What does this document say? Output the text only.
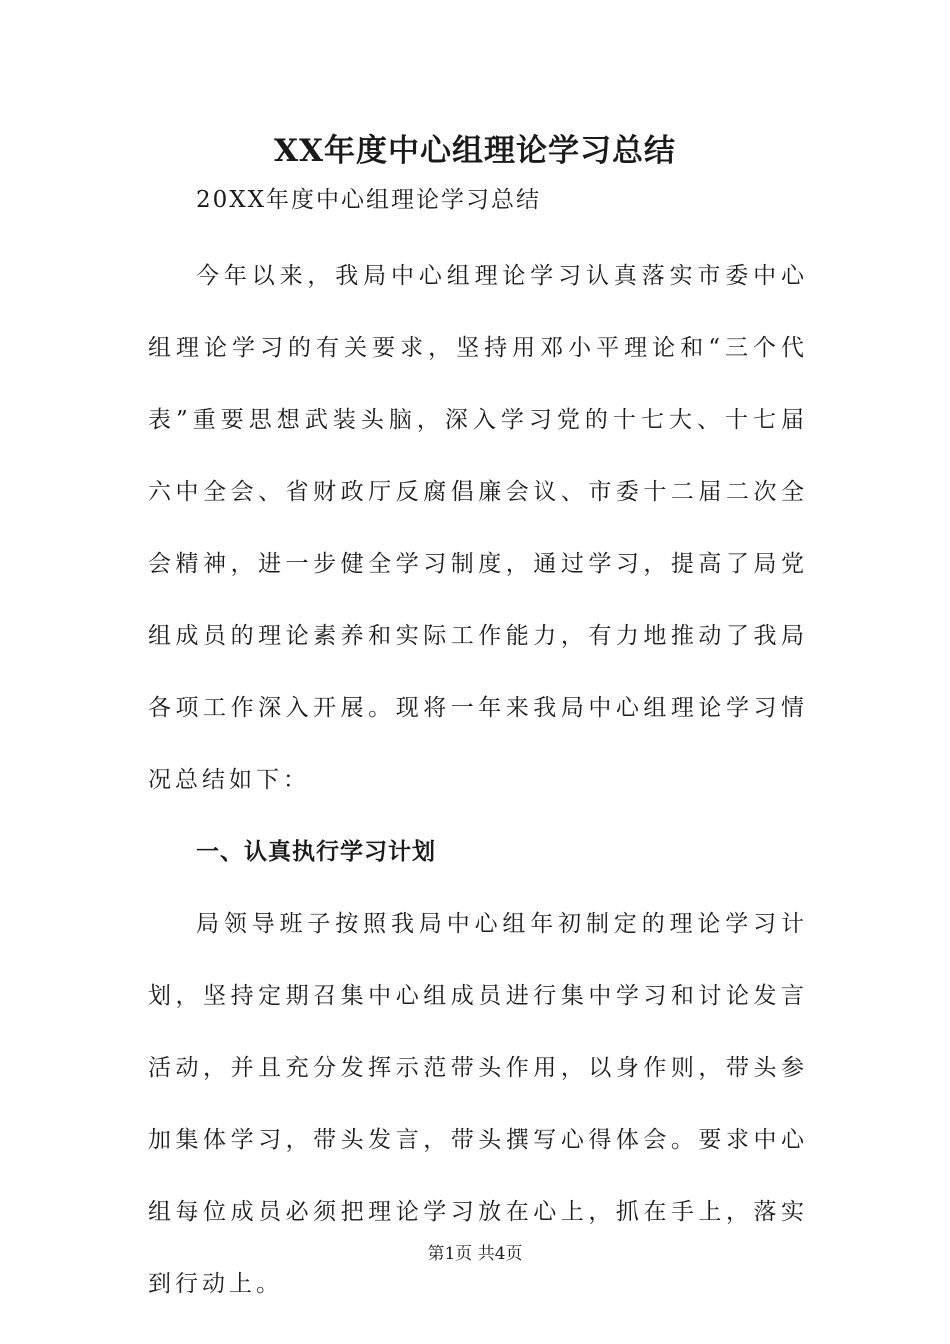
XX年度中心组理论学习总结
20XX年度中心组理论学习总结

今年以来，我局中心组理论学习认真落实市委中心组理论学习的有关要求，坚持用邓小平理论和“三个代表”重要思想武装头脑，深入学习党的十七大、十七届六中全会、省财政厅反腐倡廉会议、市委十二届二次全会精神，进一步健全学习制度，通过学习，提高了局党组成员的理论素养和实际工作能力，有力地推动了我局各项工作深入开展。现将一年来我局中心组理论学习情况总结如下：

一、认真执行学习计划

局领导班子按照我局中心组年初制定的理论学习计划，坚持定期召集中心组成员进行集中学习和讨论发言活动，并且充分发挥示范带头作用，以身作则，带头参加集体学习，带头发言，带头撰写心得体会。要求中心组每位成员必须把理论学习放在心上，抓在手上，落实到行动上。

第1页 共4页
